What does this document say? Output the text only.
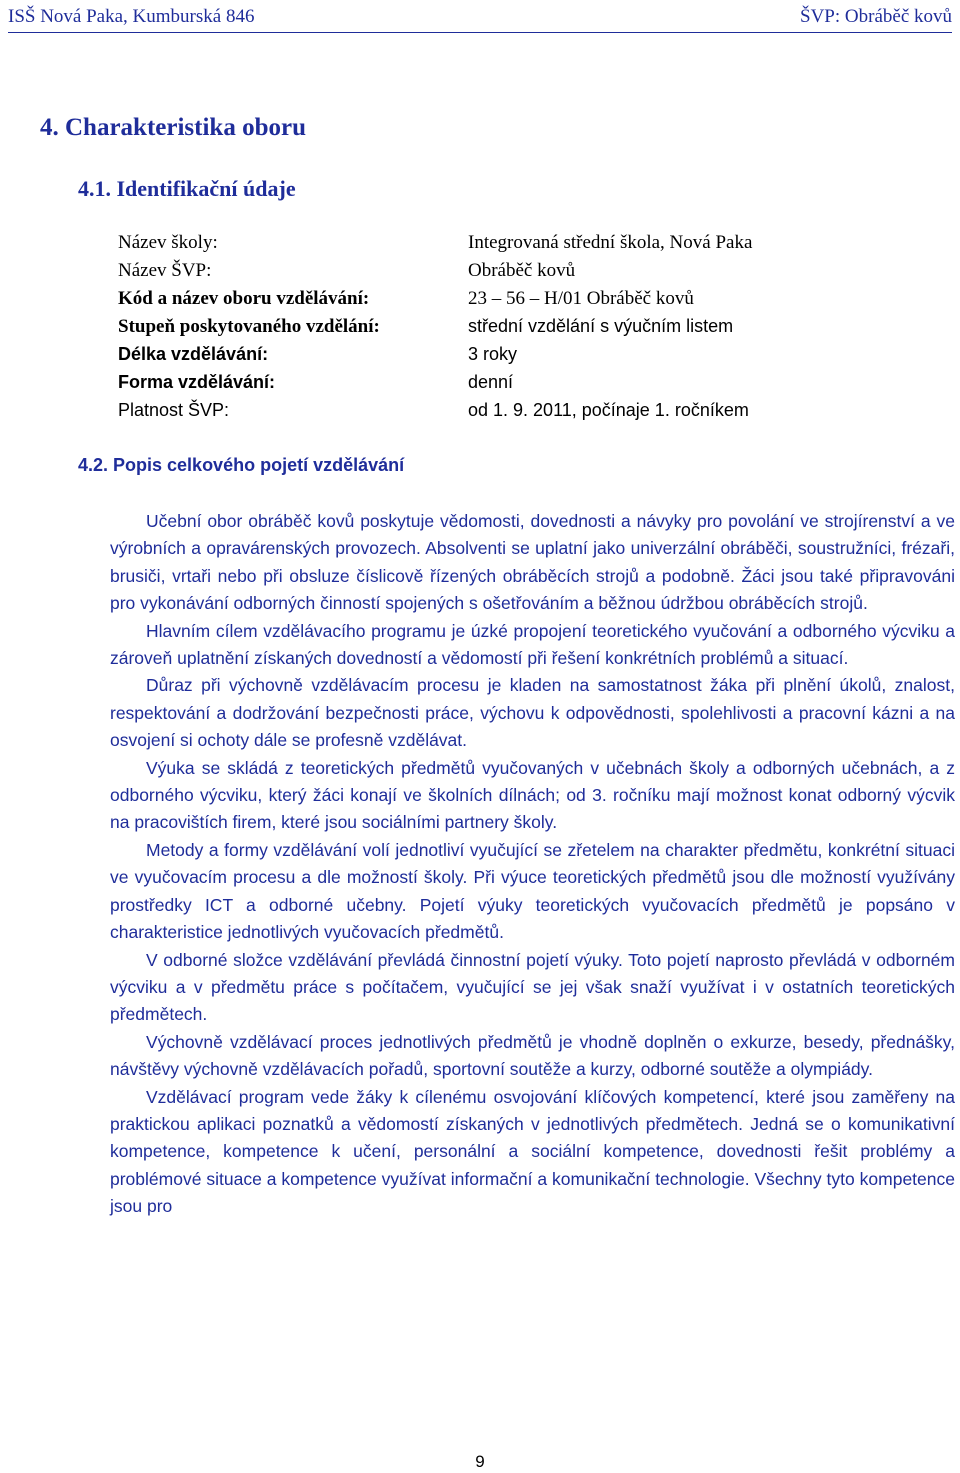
ISŠ Nová Paka, Kumburská 846	ŠVP: Obráběč kovů
4. Charakteristika oboru
4.1. Identifikační údaje
Název školy:	Integrovaná střední škola, Nová Paka
Název ŠVP:	Obráběč kovů
Kód a název oboru vzdělávání:	23 – 56 – H/01 Obráběč kovů
Stupeň poskytovaného vzdělání:	střední vzdělání s výučním listem
Délka vzdělávání:	3 roky
Forma vzdělávání:	denní
Platnost ŠVP:	od 1. 9. 2011, počínaje 1. ročníkem
4.2. Popis celkového pojetí vzdělávání

Učební obor obráběč kovů poskytuje vědomosti, dovednosti a návyky pro povolání ve strojírenství a ve výrobních a opravárenských provozech. Absolventi se uplatní jako univerzální obráběči, soustružníci, frézaři, brusiči, vrtaři nebo při obsluze číslicově řízených obráběcích strojů a podobně. Žáci jsou také připravováni pro vykonávání odborných činností spojených s ošetřováním a běžnou údržbou obráběcích strojů.

Hlavním cílem vzdělávacího programu je úzké propojení teoretického vyučování a odborného výcviku a zároveň uplatnění získaných dovedností a vědomostí při řešení konkrétních problémů a situací.

Důraz při výchovně vzdělávacím procesu je kladen na samostatnost žáka při plnění úkolů, znalost, respektování a dodržování bezpečnosti práce, výchovu k odpovědnosti, spolehlivosti a pracovní kázni a na osvojení si ochoty dále se profesně vzdělávat.

Výuka se skládá z teoretických předmětů vyučovaných v učebnách školy a odborných učebnách, a z odborného výcviku, který žáci konají ve školních dílnách; od 3. ročníku mají možnost konat odborný výcvik na pracovištích firem, které jsou sociálními partnery školy.

Metody a formy vzdělávání volí jednotliví vyučující se zřetelem na charakter předmětu, konkrétní situaci ve vyučovacím procesu a dle možností školy. Při výuce teoretických předmětů jsou dle možností využívány prostředky ICT a odborné učebny. Pojetí výuky teoretických vyučovacích předmětů je popsáno v charakteristice jednotlivých vyučovacích předmětů.

V odborné složce vzdělávání převládá činnostní pojetí výuky. Toto pojetí naprosto převládá v odborném výcviku a v předmětu práce s počítačem, vyučující se jej však snaží využívat i v ostatních teoretických předmětech.

Výchovně vzdělávací proces jednotlivých předmětů je vhodně doplněn o exkurze, besedy, přednášky, návštěvy výchovně vzdělávacích pořadů, sportovní soutěže a kurzy, odborné soutěže a olympiády.

Vzdělávací program vede žáky k cílenému osvojování klíčových kompetencí, které jsou zaměřeny na praktickou aplikaci poznatků a vědomostí získaných v jednotlivých předmětech. Jedná se o komunikativní kompetence, kompetence k učení, personální a sociální kompetence, dovednosti řešit problémy a problémové situace a kompetence využívat informační a komunikační technologie. Všechny tyto kompetence jsou pro

9
